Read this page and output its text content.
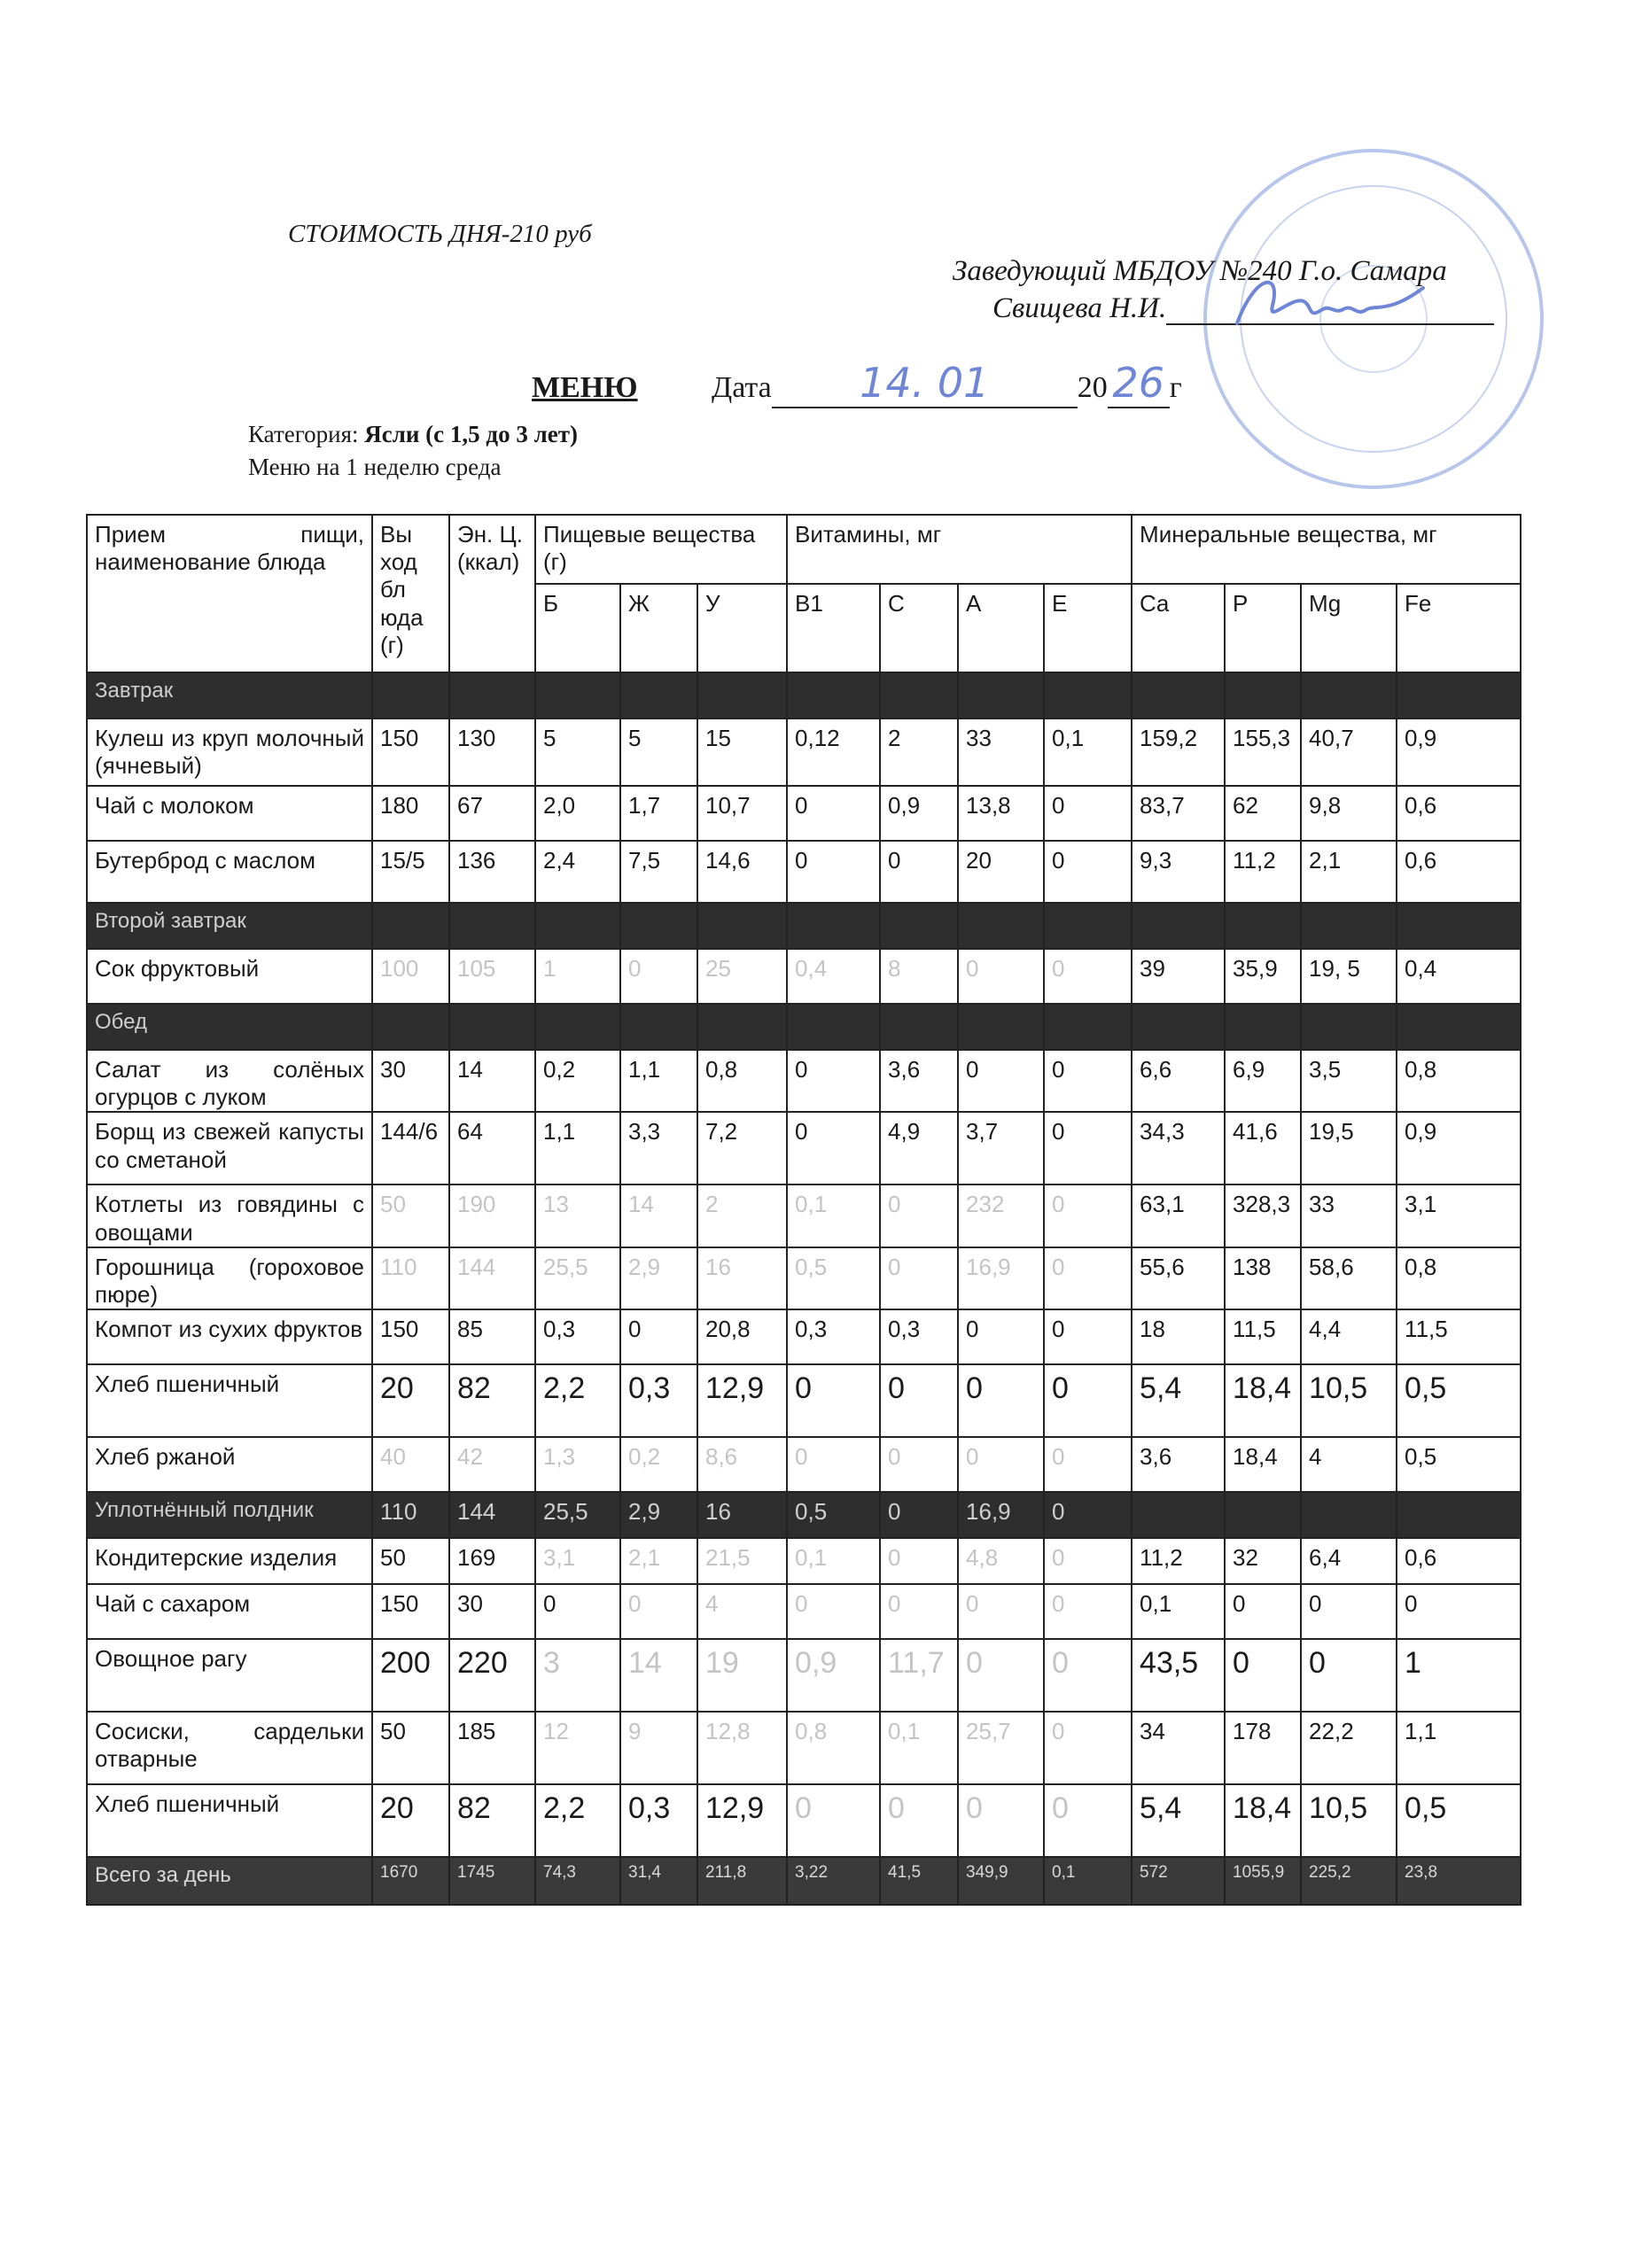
СТОИМОСТЬ ДНЯ-210 руб
Заведующий МБДОУ №240 Г.о. Самара
Свищева Н.И.
МЕНЮ Дата 14. 01	20 26 г
Категория: Ясли (с 1,5 до 3 лет)
Меню на 1 неделю среда
Прием пищи, наименование блюда	Вы ход бл юда (г)	Эн. Ц. (ккал)	Пищевые вещества (г)			Витамины, мг				Минеральные вещества, мг			
			Б	Ж	У	В1	С	А	Е	Ca	P	Mg	Fe
Завтрак													
Кулеш из круп молочный (ячневый)	150	130	5	5	15	0,12	2	33	0,1	159,2	155,3	40,7	0,9
Чай с молоком	180	67	2,0	1,7	10,7	0	0,9	13,8	0	83,7	62	9,8	0,6
Бутерброд с маслом	15/5	136	2,4	7,5	14,6	0	0	20	0	9,3	11,2	2,1	0,6
Второй завтрак													
Сок фруктовый	100	105	1	0	25	0,4	8	0	0	39	35,9	19, 5	0,4
Обед													
Салат из солёных огурцов с луком	30	14	0,2	1,1	0,8	0	3,6	0	0	6,6	6,9	3,5	0,8
Борщ из свежей капусты со сметаной	144/6	64	1,1	3,3	7,2	0	4,9	3,7	0	34,3	41,6	19,5	0,9
Котлеты из говядины с овощами	50	190	13	14	2	0,1	0	232	0	63,1	328,3	33	3,1
Горошница (гороховое пюре)	110	144	25,5	2,9	16	0,5	0	16,9	0	55,6	138	58,6	0,8
Компот из сухих фруктов	150	85	0,3	0	20,8	0,3	0,3	0	0	18	11,5	4,4	11,5
Хлеб пшеничный	20	82	2,2	0,3	12,9	0	0	0	0	5,4	18,4	10,5	0,5
Хлеб ржаной	40	42	1,3	0,2	8,6	0	0	0	0	3,6	18,4	4	0,5
Уплотнённый полдник	110	144	25,5	2,9	16	0,5	0	16,9	0				
Кондитерские изделия	50	169	3,1	2,1	21,5	0,1	0	4,8	0	11,2	32	6,4	0,6
Чай с сахаром	150	30	0	0	4	0	0	0	0	0,1	0	0	0
Овощное рагу	200	220	3	14	19	0,9	11,7	0	0	43,5	0	0	1
Сосиски, сардельки отварные	50	185	12	9	12,8	0,8	0,1	25,7	0	34	178	22,2	1,1
Хлеб пшеничный	20	82	2,2	0,3	12,9	0	0	0	0	5,4	18,4	10,5	0,5
Всего за день	1670	1745	74,3	31,4	211,8	3,22	41,5	349,9	0,1	572	1055,9	225,2	23,8
